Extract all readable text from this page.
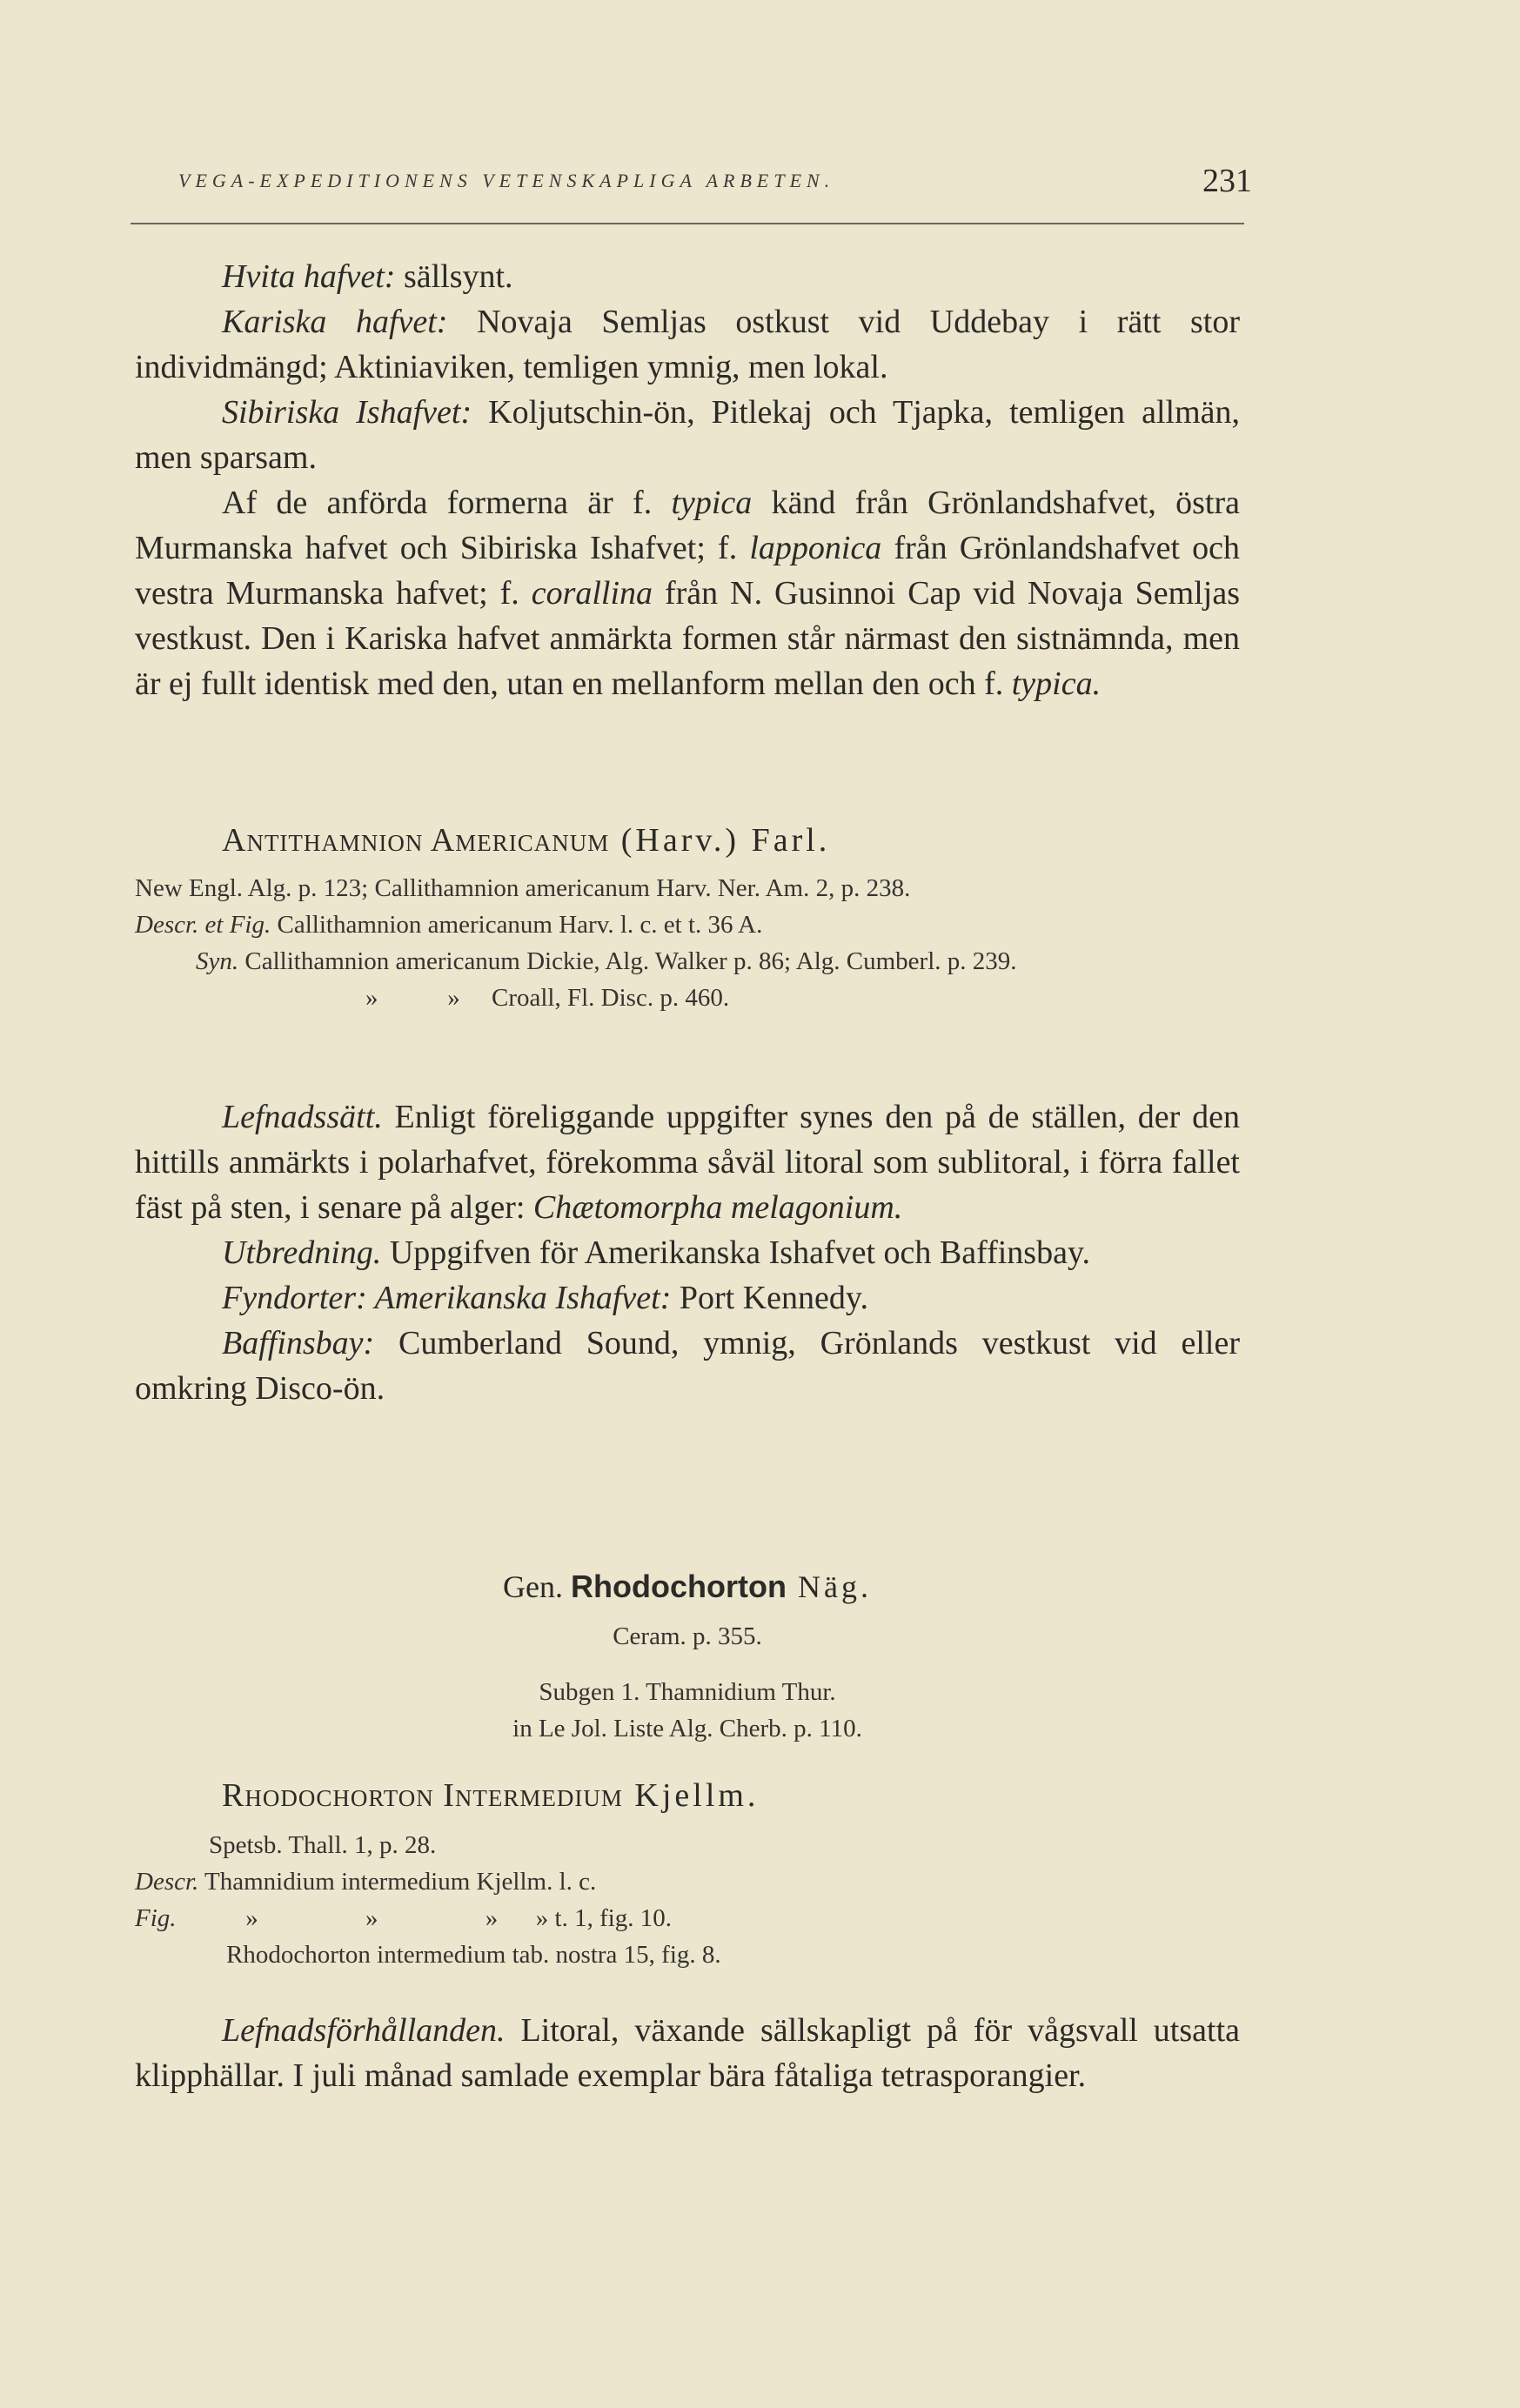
VEGA-EXPEDITIONENS VETENSKAPLIGA ARBETEN.	231

Hvita hafvet: sällsynt.

Kariska hafvet: Novaja Semljas ostkust vid Uddebay i rätt stor individmängd; Aktiniaviken, temligen ymnig, men lokal.

Sibiriska Ishafvet: Koljutschin-ön, Pitlekaj och Tjapka, temligen allmän, men sparsam.

Af de anförda formerna är f. typica känd från Grönlandshafvet, östra Murmanska hafvet och Sibiriska Ishafvet; f. lapponica från Grönlandshafvet och vestra Murmanska hafvet; f. corallina från N. Gusinnoi Cap vid Novaja Semljas vestkust. Den i Kariska hafvet anmärkta formen står närmast den sistnämnda, men är ej fullt identisk med den, utan en mellanform mellan den och f. typica.

Antithamnion Americanum (Harv.) Farl.

New Engl. Alg. p. 123; Callithamnion americanum Harv. Ner. Am. 2, p. 238.

Descr. et Fig. Callithamnion americanum Harv. l. c. et t. 36 A.

Syn. Callithamnion americanum Dickie, Alg. Walker p. 86; Alg. Cumberl. p. 239.

»           »     Croall, Fl. Disc. p. 460.

Lefnadssätt. Enligt föreliggande uppgifter synes den på de ställen, der den hittills anmärkts i polarhafvet, förekomma såväl litoral som sublitoral, i förra fallet fäst på sten, i senare på alger: Chætomorpha melagonium.

Utbredning. Uppgifven för Amerikanska Ishafvet och Baffinsbay.

Fyndorter: Amerikanska Ishafvet: Port Kennedy.

Baffinsbay: Cumberland Sound, ymnig, Grönlands vestkust vid eller omkring Disco-ön.

Gen. Rhodochorton Näg.

Ceram. p. 355.

Subgen 1. Thamnidium Thur.

in Le Jol. Liste Alg. Cherb. p. 110.

Rhodochorton Intermedium Kjellm.

Spetsb. Thall. 1, p. 28.

Descr. Thamnidium intermedium Kjellm. l. c.

Fig.           »                 »                 »      » t. 1, fig. 10.

Rhodochorton intermedium tab. nostra 15, fig. 8.

Lefnadsförhållanden. Litoral, växande sällskapligt på för vågsvall utsatta klipphällar. I juli månad samlade exemplar bära fåtaliga tetrasporangier.
